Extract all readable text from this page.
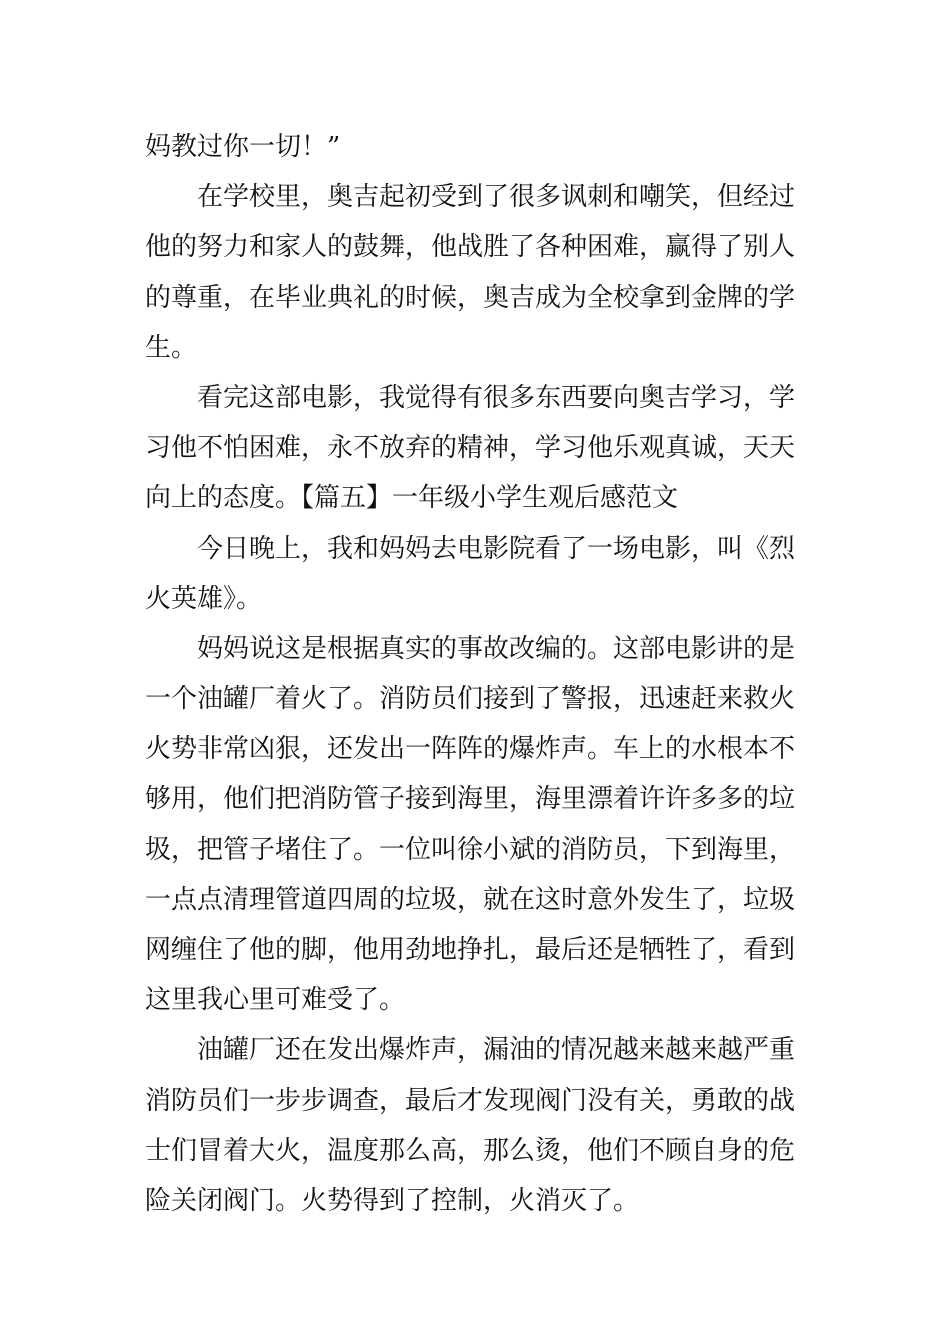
妈教过你一切！”
在学校里，奥吉起初受到了很多讽刺和嘲笑，但经过
他的努力和家人的鼓舞，他战胜了各种困难，赢得了别人
的尊重，在毕业典礼的时候，奥吉成为全校拿到金牌的学
生。
看完这部电影，我觉得有很多东西要向奥吉学习，学
习他不怕困难，永不放弃的精神，学习他乐观真诚，天天
向上的态度。【篇五】一年级小学生观后感范文
今日晚上，我和妈妈去电影院看了一场电影，叫《烈
火英雄》。
妈妈说这是根据真实的事故改编的。这部电影讲的是
一个油罐厂着火了。消防员们接到了警报，迅速赶来救火
火势非常凶狠，还发出一阵阵的爆炸声。车上的水根本不
够用，他们把消防管子接到海里，海里漂着许许多多的垃
圾，把管子堵住了。一位叫徐小斌的消防员，下到海里，
一点点清理管道四周的垃圾，就在这时意外发生了，垃圾
网缠住了他的脚，他用劲地挣扎，最后还是牺牲了，看到
这里我心里可难受了。
油罐厂还在发出爆炸声，漏油的情况越来越来越严重
消防员们一步步调查，最后才发现阀门没有关，勇敢的战
士们冒着大火，温度那么高，那么烫，他们不顾自身的危
险关闭阀门。火势得到了控制，火消灭了。
